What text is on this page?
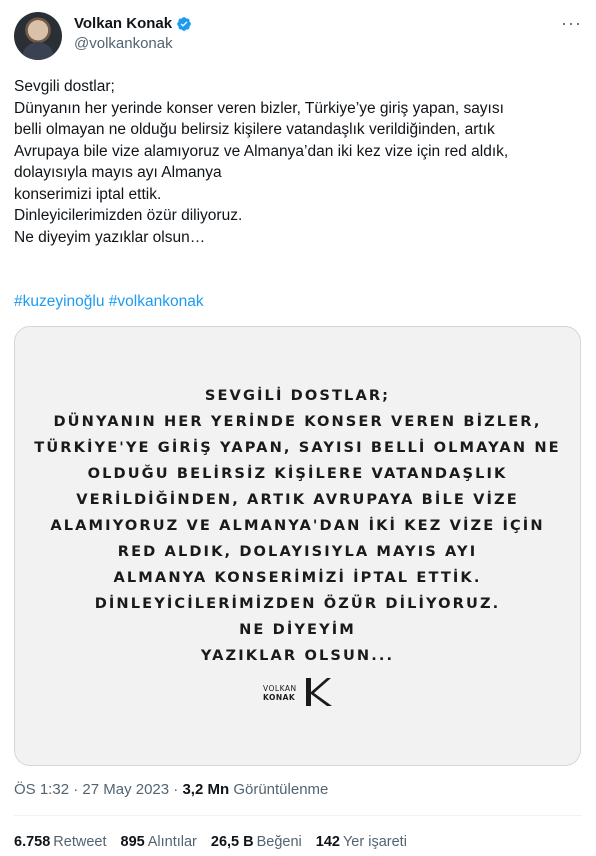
Volkan Konak
@volkankonak
···
Sevgili dostlar;
Dünyanın her yerinde konser veren bizler, Türkiye’ye giriş yapan, sayısı
belli olmayan ne olduğu belirsiz kişilere vatandaşlık verildiğinden, artık
Avrupaya bile vize alamıyoruz ve Almanya’dan iki kez vize için red aldık,
dolayısıyla mayıs ayı Almanya
konserimizi iptal ettik.
Dinleyicilerimizden özür diliyoruz.
Ne diyeyim yazıklar olsun…
#kuzeyinoğlu #volkankonak
SEVGİLİ DOSTLAR;
DÜNYANIN HER YERİNDE KONSER VEREN BİZLER,
TÜRKİYE'YE GİRİŞ YAPAN, SAYISI BELLİ OLMAYAN NE
OLDUĞU BELİRSİZ KİŞİLERE VATANDAŞLIK
VERİLDİĞİNDEN, ARTIK AVRUPAYA BİLE VİZE
ALAMIYORUZ VE ALMANYA'DAN İKİ KEZ VİZE İÇİN
RED ALDIK, DOLAYISIYLA MAYIS AYI
ALMANYA KONSERİMİZİ İPTAL ETTİK.
DİNLEYİCİLERİMİZDEN ÖZÜR DİLİYORUZ.
NE DİYEYİM
YAZIKLAR OLSUN...
VOLKAN
KONAK
ÖS 1:32 · 27 May 2023 · 3,2 Mn Görüntülenme
6.758 Retweet 895 Alıntılar 26,5 B Beğeni 142 Yer işareti
